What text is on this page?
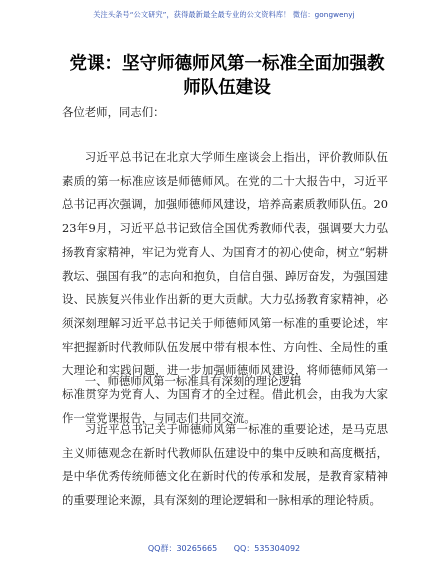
关注头条号“公文研究”，获得最新最全最专业的公文资料库！ 微信：gongwenyj
党课：坚守师德师风第一标准全面加强教师队伍建设
各位老师，同志们：
习近平总书记在北京大学师生座谈会上指出，评价教师队伍素质的第一标准应该是师德师风。在党的二十大报告中，习近平总书记再次强调，加强师德师风建设，培养高素质教师队伍。2023年9月，习近平总书记致信全国优秀教师代表，强调要大力弘扬教育家精神，牢记为党育人、为国育才的初心使命，树立“躬耕教坛、强国有我”的志向和抱负，自信自强、踔厉奋发，为强国建设、民族复兴伟业作出新的更大贡献。大力弘扬教育家精神，必须深刻理解习近平总书记关于师德师风第一标准的重要论述，牢牢把握新时代教师队伍发展中带有根本性、方向性、全局性的重大理论和实践问题，进一步加强师德师风建设，将师德师风第一标准贯穿为党育人、为国育才的全过程。借此机会，由我为大家作一堂党课报告，与同志们共同交流。
一、师德师风第一标准具有深刻的理论逻辑
习近平总书记关于师德师风第一标准的重要论述，是马克思主义师德观念在新时代教师队伍建设中的集中反映和高度概括，是中华优秀传统师德文化在新时代的传承和发展，是教育家精神的重要理论来源，具有深刻的理论逻辑和一脉相承的理论特质。
QQ群：30265665 QQ：535304092
